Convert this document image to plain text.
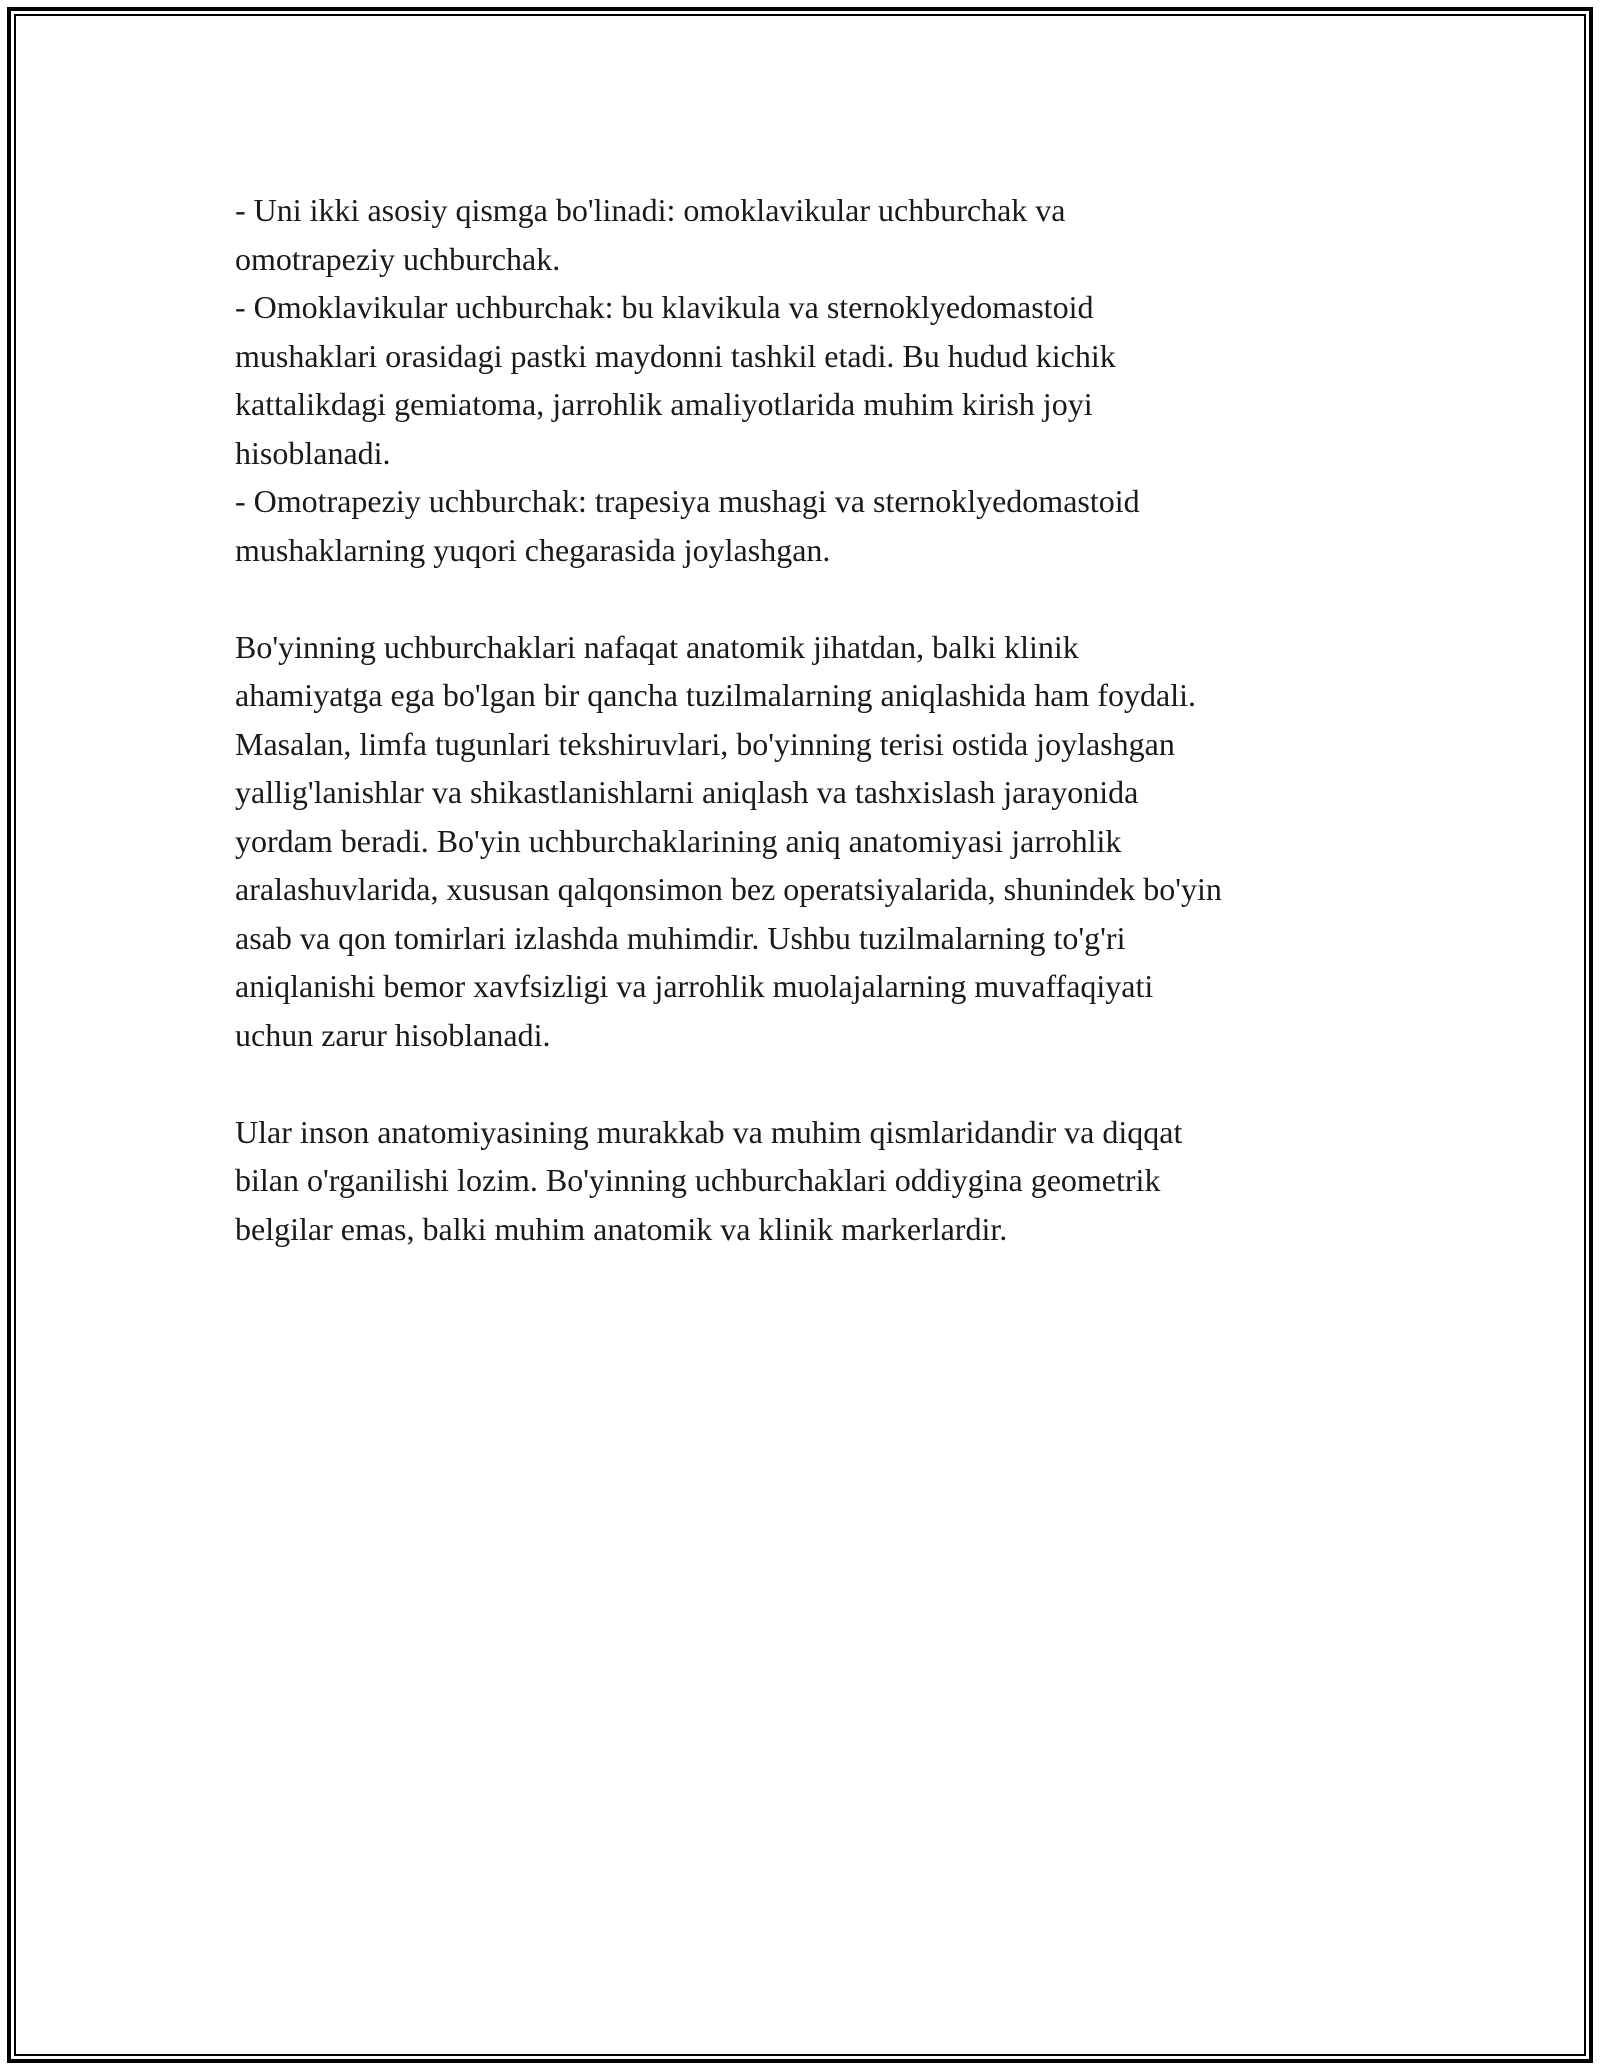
- Uni ikki asosiy qismga bo'linadi: omoklavikular uchburchak va
omotrapeziy uchburchak.
- Omoklavikular uchburchak: bu klavikula va sternoklyedomastoid
mushaklari orasidagi pastki maydonni tashkil etadi. Bu hudud kichik
kattalikdagi gemiatoma, jarrohlik amaliyotlarida muhim kirish joyi
hisoblanadi.
- Omotrapeziy uchburchak: trapesiya mushagi va sternoklyedomastoid
mushaklarning yuqori chegarasida joylashgan.
Bo'yinning uchburchaklari nafaqat anatomik jihatdan, balki klinik
ahamiyatga ega bo'lgan bir qancha tuzilmalarning aniqlashida ham foydali.
Masalan, limfa tugunlari tekshiruvlari, bo'yinning terisi ostida joylashgan
yallig'lanishlar va shikastlanishlarni aniqlash va tashxislash jarayonida
yordam beradi. Bo'yin uchburchaklarining aniq anatomiyasi jarrohlik
aralashuvlarida, xususan qalqonsimon bez operatsiyalarida, shunindek bo'yin
asab va qon tomirlari izlashda muhimdir. Ushbu tuzilmalarning to'g'ri
aniqlanishi bemor xavfsizligi va jarrohlik muolajalarning muvaffaqiyati
uchun zarur hisoblanadi.
Ular inson anatomiyasining murakkab va muhim qismlaridandir va diqqat
bilan o'rganilishi lozim. Bo'yinning uchburchaklari oddiygina geometrik
belgilar emas, balki muhim anatomik va klinik markerlardir.
